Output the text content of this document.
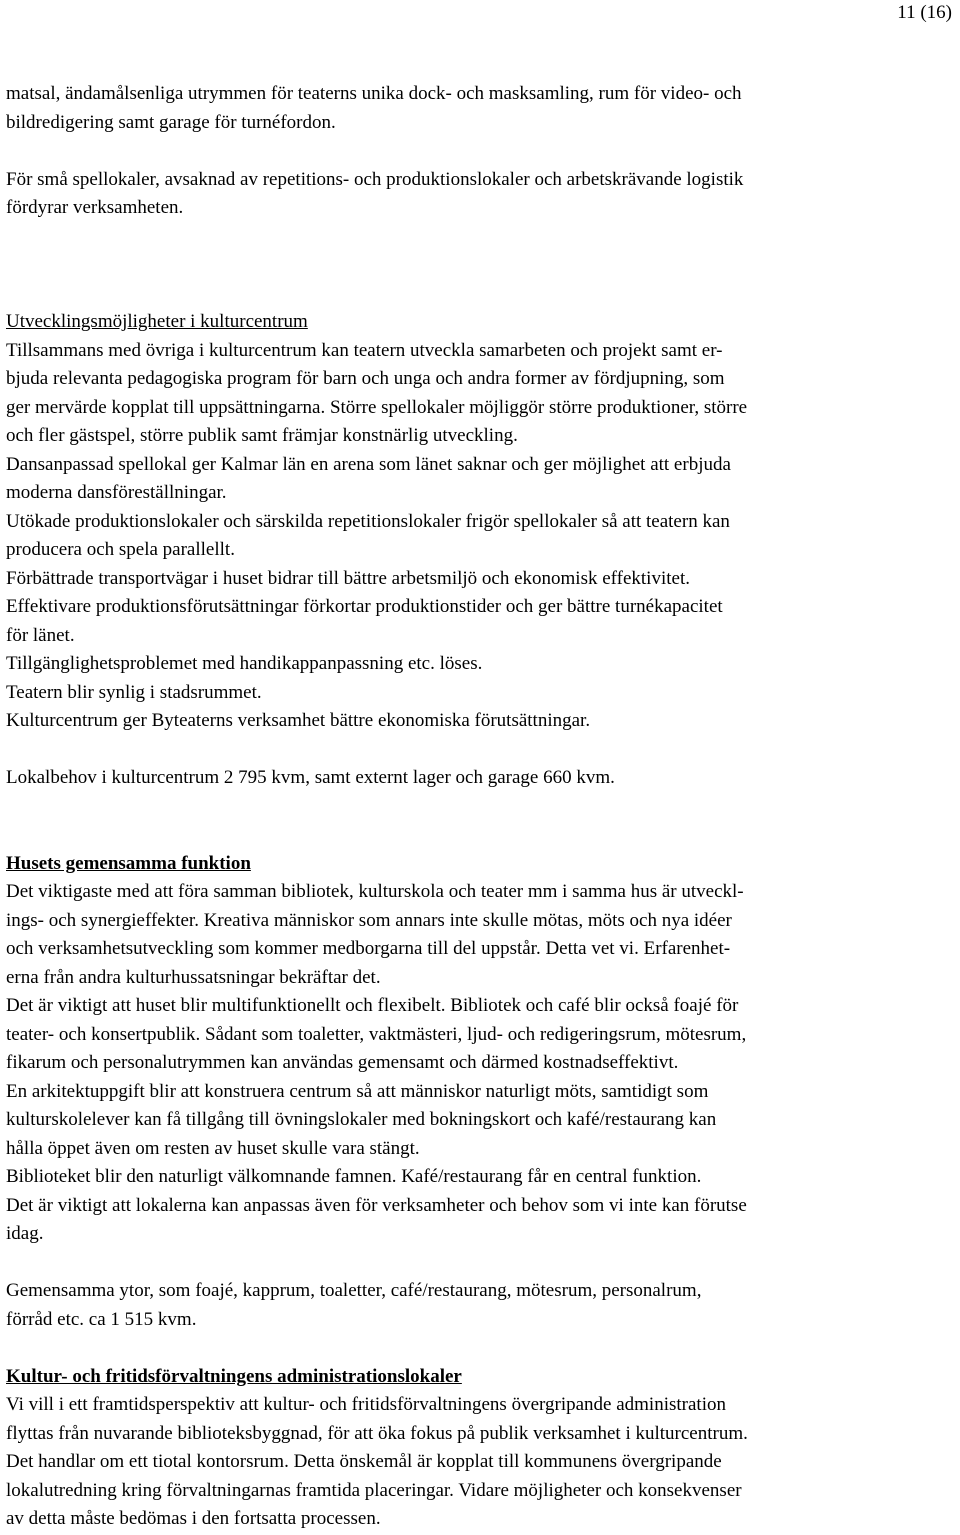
11 (16)
matsal, ändamålsenliga utrymmen för teaterns unika dock- och masksamling, rum för video- och
bildredigering samt garage för turnéfordon.
För små spellokaler, avsaknad av repetitions- och produktionslokaler och arbetskrävande logistik
fördyrar verksamheten.

Utvecklingsmöjligheter i kulturcentrum

Tillsammans med övriga i kulturcentrum kan teatern utveckla samarbeten och projekt samt er-
bjuda relevanta pedagogiska program för barn och unga och andra former av fördjupning, som
ger mervärde kopplat till uppsättningarna. Större spellokaler möjliggör större produktioner, större
och fler gästspel, större publik samt främjar konstnärlig utveckling.
Dansanpassad spellokal ger Kalmar län en arena som länet saknar och ger möjlighet att erbjuda
moderna dansföreställningar.
Utökade produktionslokaler och särskilda repetitionslokaler frigör spellokaler så att teatern kan
producera och spela parallellt.
Förbättrade transportvägar i huset bidrar till bättre arbetsmiljö och ekonomisk effektivitet.
Effektivare produktionsförutsättningar förkortar produktionstider och ger bättre turnékapacitet
för länet.
Tillgänglighetsproblemet med handikappanpassning etc. löses.
Teatern blir synlig i stadsrummet.
Kulturcentrum ger Byteaterns verksamhet bättre ekonomiska förutsättningar.
Lokalbehov i kulturcentrum 2 795 kvm, samt externt lager och garage 660 kvm.

Husets gemensamma funktion

Det viktigaste med att föra samman bibliotek, kulturskola och teater mm i samma hus är utveckl-
ings- och synergieffekter. Kreativa människor som annars inte skulle mötas, möts och nya idéer
och verksamhetsutveckling som kommer medborgarna till del uppstår. Detta vet vi. Erfarenhet-
erna från andra kulturhussatsningar bekräftar det.
Det är viktigt att huset blir multifunktionellt och flexibelt. Bibliotek och café blir också foajé för
teater- och konsertpublik. Sådant som toaletter, vaktmästeri, ljud- och redigeringsrum, mötesrum,
fikarum och personalutrymmen kan användas gemensamt och därmed kostnadseffektivt.
En arkitektuppgift blir att konstruera centrum så att människor naturligt möts, samtidigt som
kulturskolelever kan få tillgång till övningslokaler med bokningskort och kafé/restaurang kan
hålla öppet även om resten av huset skulle vara stängt.
Biblioteket blir den naturligt välkomnande famnen. Kafé/restaurang får en central funktion.
Det är viktigt att lokalerna kan anpassas även för verksamheter och behov som vi inte kan förutse
idag.
Gemensamma ytor, som foajé, kapprum, toaletter, café/restaurang, mötesrum, personalrum,
förråd etc. ca 1 515 kvm.

Kultur- och fritidsförvaltningens administrationslokaler

Vi vill i ett framtidsperspektiv att kultur- och fritidsförvaltningens övergripande administration
flyttas från nuvarande biblioteksbyggnad, för att öka fokus på publik verksamhet i kulturcentrum.
Det handlar om ett tiotal kontorsrum. Detta önskemål är kopplat till kommunens övergripande
lokalutredning kring förvaltningarnas framtida placeringar. Vidare möjligheter och konsekvenser
av detta måste bedömas i den fortsatta processen.
